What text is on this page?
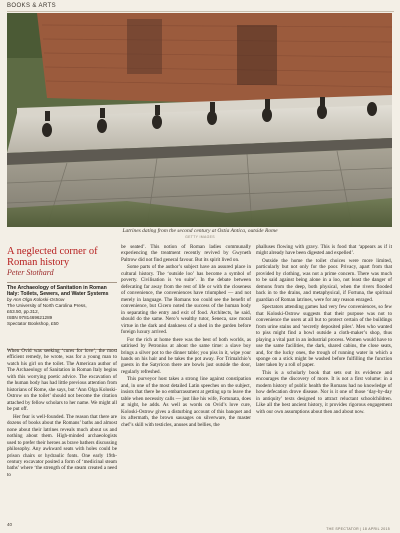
BOOKS & ARTS
Latrines dating from the second century at Ostia Antica, outside Rome
GETTY IMAGES
A neglected corner of Roman history
Peter Stothard
The Archaeology of Sanitation in Roman Italy: Toilets, Sewers, and Water Systems
by Ann Olga Koloski-Ostrow
The University of North Carolina Press,
£63.50, pp.312,
ISBN 9781469621289
Spectator Bookshop, £50

When Ovid was seeking ‘cures for love’, the most efficient remedy, he wrote, was for a young man to watch his girl on the toilet. The American author of The Archaeology of Sanitation in Roman Italy begins with this worrying poetic advice. The excavation of the human body has had little previous attention from historians of Rome, she says, but ‘Ann Olga Koloski-Ostrow on the toilet’ should not become the citation attached by fellow scholars to her name. We might all be put off.

Her fear is well-founded. The reason that there are dozens of books about the Romans’ baths and almost none about their latrines reveals much about us and nothing about them. High-minded archaeologists used to prefer their heroes as brave bathers discussing philosophy. Any awkward seats with holes could be prison chairs or hydraulic fonts. One early 19th-century excavator posited a form of ‘medicinal steam baths’ where ‘the strength of the steam created a need to

be seated’. This notion of Roman ladies communally experiencing the treatment recently revived by Gwyneth Paltrow did not find general favour. But its spirit lived on.

Some parts of the author’s subject have an assured place in cultural history. The ‘outside loo’ has become a symbol of poverty. Civilisation is ‘en suite’. In the debate between defecating far away from the rest of life or with the closeness of convenience, the conveniences have triumphed — and not merely in language. The Romans too could see the benefit of convenience, but Cicero noted the success of the human body in separating the entry and exit of food. Architects, he said, should do the same. Nero’s wealthy tutor, Seneca, saw moral virtue in the dark and dankness of a shed in the garden before foreign luxury arrived.

For the rich at home there was the best of both worlds, as satirised by Petronius at about the same time: a slave boy brings a silver pot to the dinner table; you piss in it, wipe your hands on his hair and he takes the pot away. For Trimalchio’s guests in the Satyricon there are bowls just outside the door, regularly refreshed.

This purveyor host takes a strong line against constipation and, in one of the most detailed Latin speeches on the subject, insists that there be no embarrassment at getting up to leave the table when necessity calls — just like his wife, Fortunata, does at night, he adds. As well as words on Ovid’s love cure, Koloski-Ostrow gives a disturbing account of this banquet and its aftermath, the brown sausages on silverware, the master chef’s skill with testicles, anuses and bellies, the

phalluses flowing with gravy. This is food that ‘appears as if it might already have been digested and expelled’.

Outside the home the toilet choices were more limited, particularly but not only for the poor. Privacy, apart from that provided by clothing, was not a prime concern. There was much to be said against being alone in a loo, not least the danger of demons from the deep, both physical, when the rivers flooded back in to the drains, and metaphysical, if Fortuna, the spiritual guardian of Roman latrines, were for any reason enraged.

Spectators attending games had very few conveniences, so few that Koloski-Ostrow suggests that their purpose was not to convenience the users at all but to protect certain of the buildings from urine stains and ‘secretly deposited piles’. Men who wanted to piss might find a bowl outside a cloth-maker’s shop, thus playing a vital part in an industrial process. Women would have to use the same facilities, the dark, shared cabins, the close seats, and, for the lucky ones, the trough of running water in which a sponge on a stick might be washed before fulfilling the function later taken by a roll of paper.

This is a scholarly book that sets out its evidence and encourages the discovery of more. It is not a first volume: in a modern history of public health the Romans had no knowledge of how defecation drove disease. Nor is it one of those ‘day-by-day in antiquity’ texts designed to attract reluctant schoolchildren. Like all the best ancient history, it provides rigorous engagement with our own assumptions about then and about now.

40
THE SPECTATOR | 18 APRIL 2015
